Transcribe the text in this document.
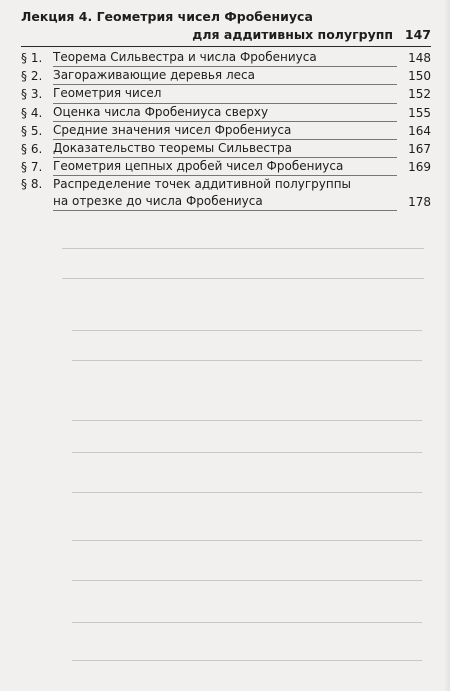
Лекция 4. Геометрия чисел Фробениуса
для аддитивных полугрупп 147
§ 1. Теорема Сильвестра и числа Фробениуса	148
§ 2. Загораживающие деревья леса	150
§ 3. Геометрия чисел	152
§ 4. Оценка числа Фробениуса сверху	155
§ 5. Средние значения чисел Фробениуса	164
§ 6. Доказательство теоремы Сильвестра	167
§ 7. Геометрия цепных дробей чисел Фробениуса	169
§ 8. Распределение точек аддитивной полугруппы
на отрезке до числа Фробениуса	178
